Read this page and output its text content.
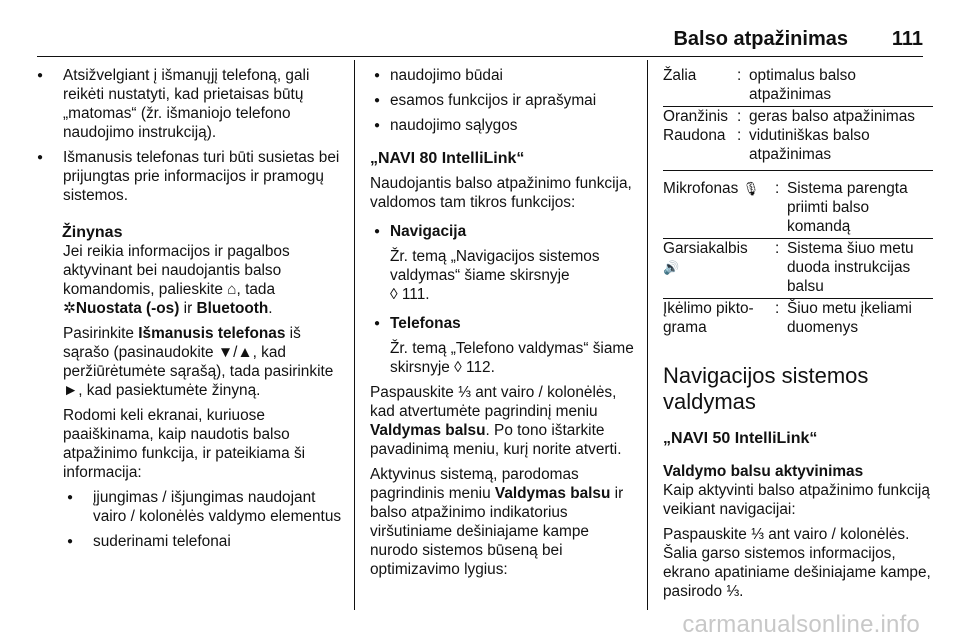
Balso atpažinimas 111

● Atsižvelgiant į išmanųjį telefoną, gali reikėti nustatyti, kad prietaisas būtų „matomas“ (žr. išmaniojo telefono naudojimo instrukciją).

● Išmanusis telefonas turi būti susietas bei prijungtas prie informacijos ir pramogų sistemos.

Žinynas

Jei reikia informacijos ir pagalbos aktyvinant bei naudojantis balso komandomis, palieskite ⌂, tada ✲Nuostata (-os) ir Bluetooth.

Pasirinkite Išmanusis telefonas iš sąrašo (pasinaudokite ▼/▲, kad peržiūrėtumėte sąrašą), tada pasirinkite ►, kad pasiektumėte žinyną.

Rodomi keli ekranai, kuriuose paaiškinama, kaip naudotis balso atpažinimo funkcija, ir pateikiama ši informacija:

● įjungimas / išjungimas naudojant vairo / kolonėlės valdymo elementus

● suderinami telefonai

● naudojimo būdai

● esamos funkcijos ir aprašymai

● naudojimo sąlygos

„NAVI 80 IntelliLink“

Naudojantis balso atpažinimo funkcija, valdomos tam tikros funkcijos:

● Navigacija

Žr. temą „Navigacijos sistemos valdymas“ šiame skirsnyje
◊ 111.

● Telefonas

Žr. temą „Telefono valdymas“ šiame skirsnyje ◊ 112.

Paspauskite ⅓ ant vairo / kolonėlės, kad atvertumėte pagrindinį meniu Valdymas balsu. Po tono ištarkite pavadinimą meniu, kurį norite atverti.

Aktyvinus sistemą, parodomas pagrindinis meniu Valdymas balsu ir balso atpažinimo indikatorius viršutiniame dešiniajame kampe nurodo sistemos būseną bei optimizavimo lygius:

Žalia	: optimalus balso atpažinimas
Oranžinis : geras balso atpažinimas
Raudona : vidutiniškas balso atpažinimas
Mikrofonas 🎙 : Sistema parengta priimti balso komandą
Garsiakalbis
🔊
: Sistema šiuo metu duoda instrukcijas balsu
Įkėlimo pikto-grama
: Šiuo metu įkeliami duomenys

Navigacijos sistemos valdymas

„NAVI 50 IntelliLink“

Valdymo balsu aktyvinimas

Kaip aktyvinti balso atpažinimo funkciją veikiant navigacijai:

Paspauskite ⅓ ant vairo / kolonėlės. Šalia garso sistemos informacijos, ekrano apatiniame dešiniajame kampe, pasirodo ⅓.

carmanualsonline.info
